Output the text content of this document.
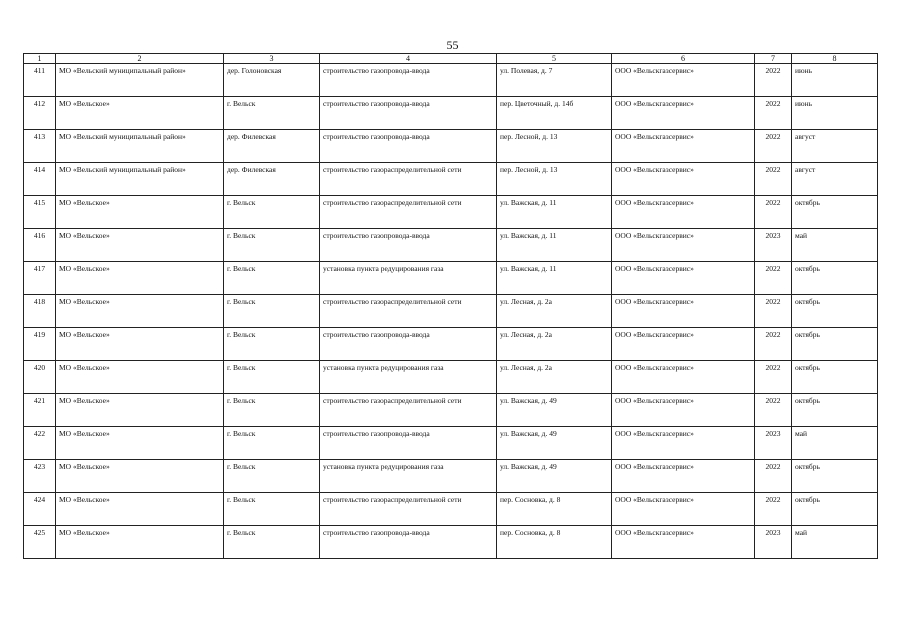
55
1	2	3	4	5	6	7	8
411	МО «Вельский муниципальный район»	дер. Голоновская	строительство газопровода-ввода	ул. Полевая, д. 7	ООО «Вельскгазсервис»	2022	июнь
412	МО «Вельское»	г. Вельск	строительство газопровода-ввода	пер. Цветочный, д. 14б	ООО «Вельскгазсервис»	2022	июнь
413	МО «Вельский муниципальный район»	дер. Филевская	строительство газопровода-ввода	пер. Лесной, д. 13	ООО «Вельскгазсервис»	2022	август
414	МО «Вельский муниципальный район»	дер. Филевская	строительство газораспределительной сети	пер. Лесной, д. 13	ООО «Вельскгазсервис»	2022	август
415	МО «Вельское»	г. Вельск	строительство газораспределительной сети	ул. Важская, д. 11	ООО «Вельскгазсервис»	2022	октябрь
416	МО «Вельское»	г. Вельск	строительство газопровода-ввода	ул. Важская, д. 11	ООО «Вельскгазсервис»	2023	май
417	МО «Вельское»	г. Вельск	установка пункта редуцирования газа	ул. Важская, д. 11	ООО «Вельскгазсервис»	2022	октябрь
418	МО «Вельское»	г. Вельск	строительство газораспределительной сети	ул. Лесная, д. 2а	ООО «Вельскгазсервис»	2022	октябрь
419	МО «Вельское»	г. Вельск	строительство газопровода-ввода	ул. Лесная, д. 2а	ООО «Вельскгазсервис»	2022	октябрь
420	МО «Вельское»	г. Вельск	установка пункта редуцирования газа	ул. Лесная, д. 2а	ООО «Вельскгазсервис»	2022	октябрь
421	МО «Вельское»	г. Вельск	строительство газораспределительной сети	ул. Важская, д. 49	ООО «Вельскгазсервис»	2022	октябрь
422	МО «Вельское»	г. Вельск	строительство газопровода-ввода	ул. Важская, д. 49	ООО «Вельскгазсервис»	2023	май
423	МО «Вельское»	г. Вельск	установка пункта редуцирования газа	ул. Важская, д. 49	ООО «Вельскгазсервис»	2022	октябрь
424	МО «Вельское»	г. Вельск	строительство газораспределительной сети	пер. Сосновка, д. 8	ООО «Вельскгазсервис»	2022	октябрь
425	МО «Вельское»	г. Вельск	строительство газопровода-ввода	пер. Сосновка, д. 8	ООО «Вельскгазсервис»	2023	май
